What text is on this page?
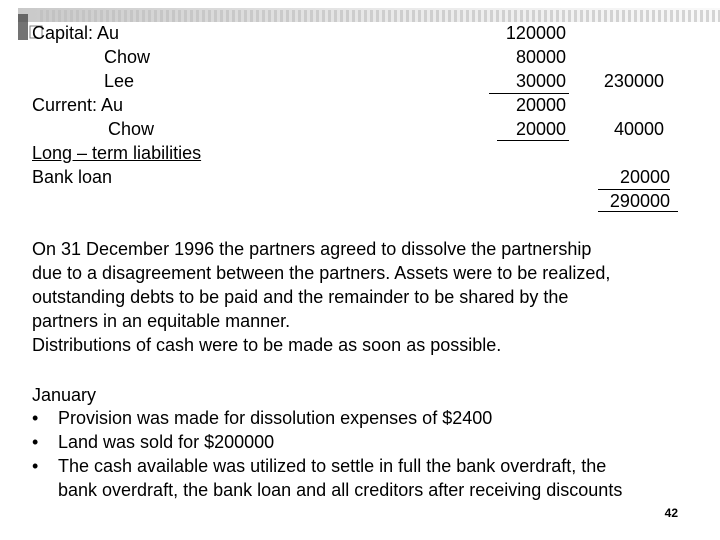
Capital: Au
Chow
Lee
Current: Au
Chow
Long – term liabilities
Bank loan
120000
80000
30000
20000
20000
230000
40000
20000
290000
On 31 December 1996 the partners agreed to dissolve the partnership
due to a disagreement between the partners. Assets were to be realized,
outstanding debts to be paid and the remainder to be shared by the
partners in an equitable manner.
Distributions of cash were to be made as soon as possible.
January
• Provision was made for dissolution expenses of $2400
• Land was sold for $200000
• The cash available was utilized to settle in full the bank overdraft, the
bank overdraft, the bank loan and all creditors after receiving discounts
42
